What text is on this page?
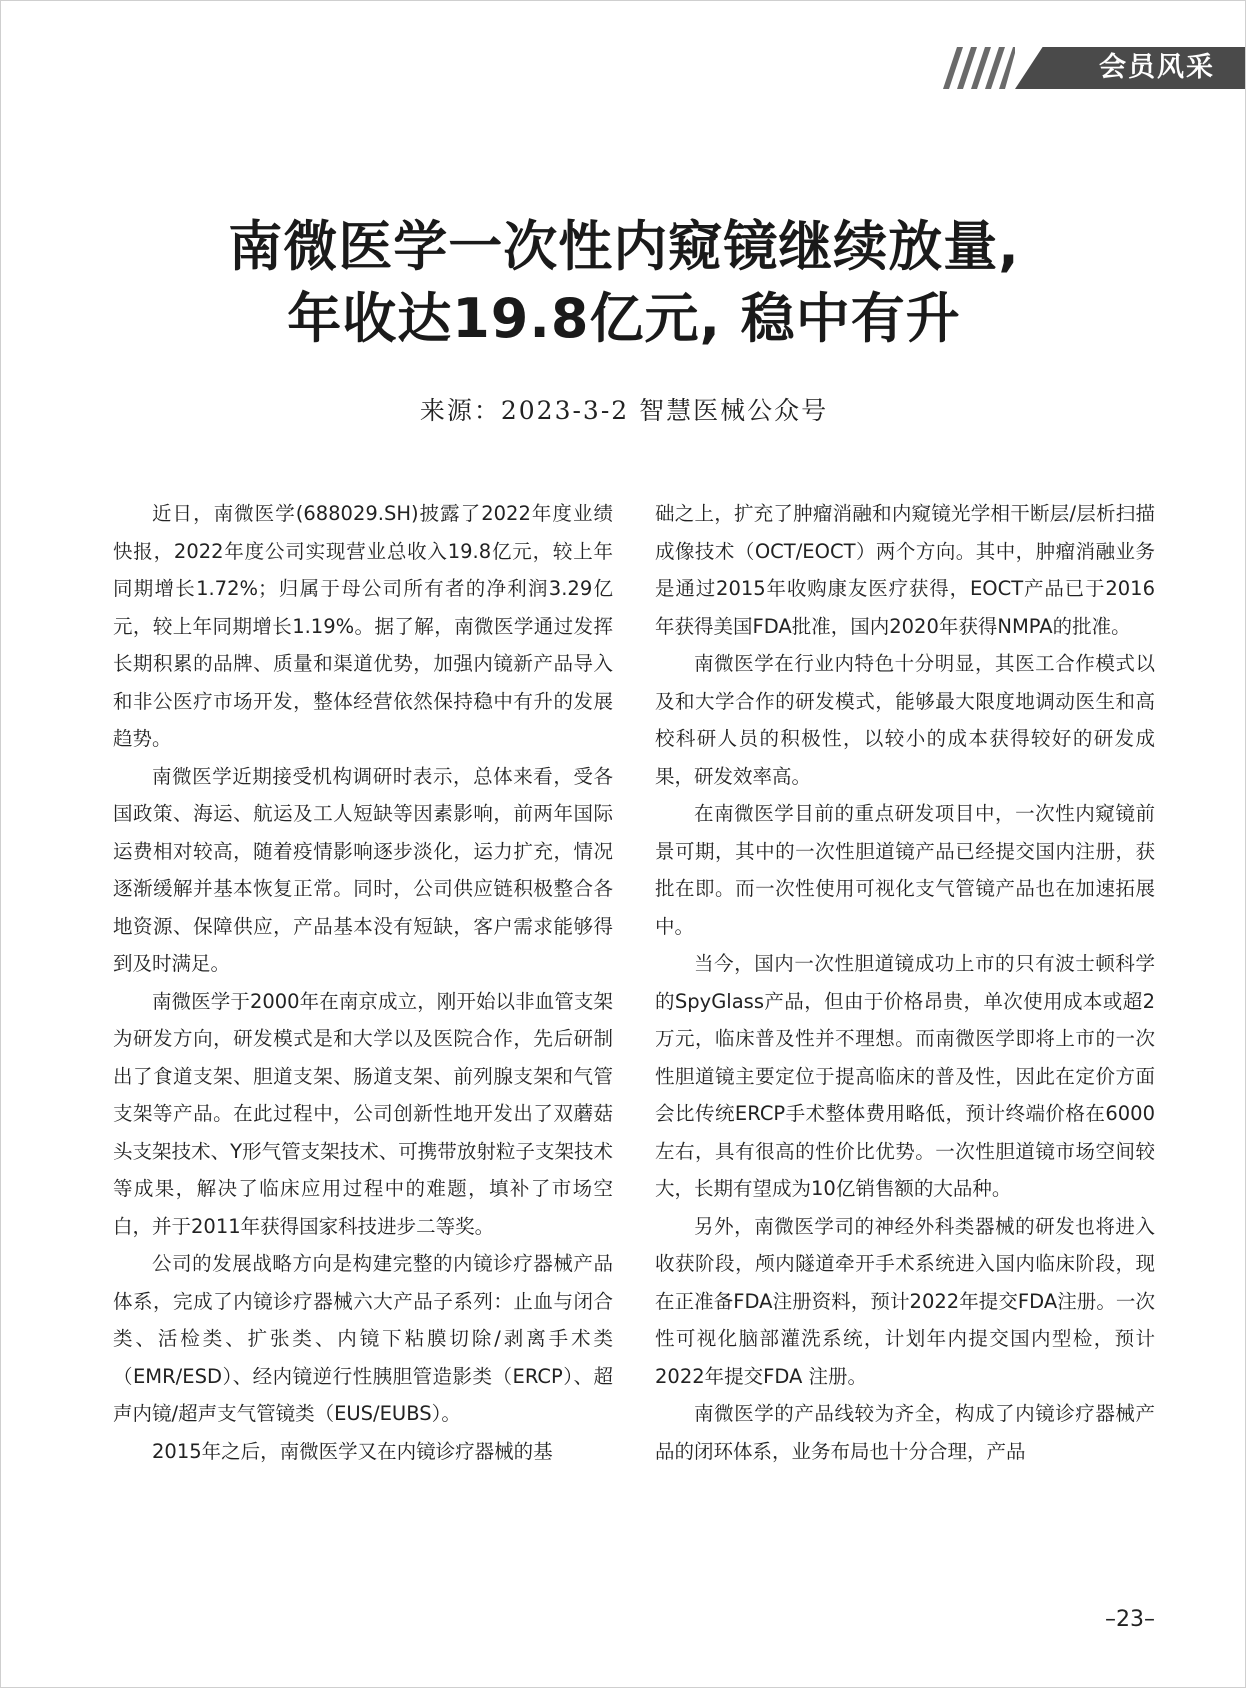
会员风采
南微医学一次性内窥镜继续放量,
年收达19.8亿元, 稳中有升
来源：2023-3-2 智慧医械公众号

近日，南微医学(688029.SH)披露了2022年度业绩快报，2022年度公司实现营业总收入19.8亿元，较上年同期增长1.72%；归属于母公司所有者的净利润3.29亿元，较上年同期增长1.19%。据了解，南微医学通过发挥长期积累的品牌、质量和渠道优势，加强内镜新产品导入和非公医疗市场开发，整体经营依然保持稳中有升的发展趋势。

南微医学近期接受机构调研时表示，总体来看，受各国政策、海运、航运及工人短缺等因素影响，前两年国际运费相对较高，随着疫情影响逐步淡化，运力扩充，情况逐渐缓解并基本恢复正常。同时，公司供应链积极整合各地资源、保障供应，产品基本没有短缺，客户需求能够得到及时满足。

南微医学于2000年在南京成立，刚开始以非血管支架为研发方向，研发模式是和大学以及医院合作，先后研制出了食道支架、胆道支架、肠道支架、前列腺支架和气管支架等产品。在此过程中，公司创新性地开发出了双蘑菇头支架技术、Y形气管支架技术、可携带放射粒子支架技术等成果，解决了临床应用过程中的难题，填补了市场空白，并于2011年获得国家科技进步二等奖。

公司的发展战略方向是构建完整的内镜诊疗器械产品体系，完成了内镜诊疗器械六大产品子系列：止血与闭合类、活检类、扩张类、内镜下粘膜切除/剥离手术类（EMR/ESD）、经内镜逆行性胰胆管造影类（ERCP）、超声内镜/超声支气管镜类（EUS/EUBS）。

2015年之后，南微医学又在内镜诊疗器械的基

础之上，扩充了肿瘤消融和内窥镜光学相干断层/层析扫描成像技术（OCT/EOCT）两个方向。其中，肿瘤消融业务是通过2015年收购康友医疗获得，EOCT产品已于2016年获得美国FDA批准，国内2020年获得NMPA的批准。

南微医学在行业内特色十分明显，其医工合作模式以及和大学合作的研发模式，能够最大限度地调动医生和高校科研人员的积极性，以较小的成本获得较好的研发成果，研发效率高。

在南微医学目前的重点研发项目中，一次性内窥镜前景可期，其中的一次性胆道镜产品已经提交国内注册，获批在即。而一次性使用可视化支气管镜产品也在加速拓展中。

当今，国内一次性胆道镜成功上市的只有波士顿科学的SpyGlass产品，但由于价格昂贵，单次使用成本或超2万元，临床普及性并不理想。而南微医学即将上市的一次性胆道镜主要定位于提高临床的普及性，因此在定价方面会比传统ERCP手术整体费用略低，预计终端价格在6000 左右，具有很高的性价比优势。一次性胆道镜市场空间较大，长期有望成为10亿销售额的大品种。

另外，南微医学司的神经外科类器械的研发也将进入收获阶段，颅内隧道牵开手术系统进入国内临床阶段，现在正准备FDA注册资料，预计2022年提交FDA注册。一次性可视化脑部灌洗系统，计划年内提交国内型检，预计2022年提交FDA 注册。

南微医学的产品线较为齐全，构成了内镜诊疗器械产品的闭环体系，业务布局也十分合理，产品

–23–
